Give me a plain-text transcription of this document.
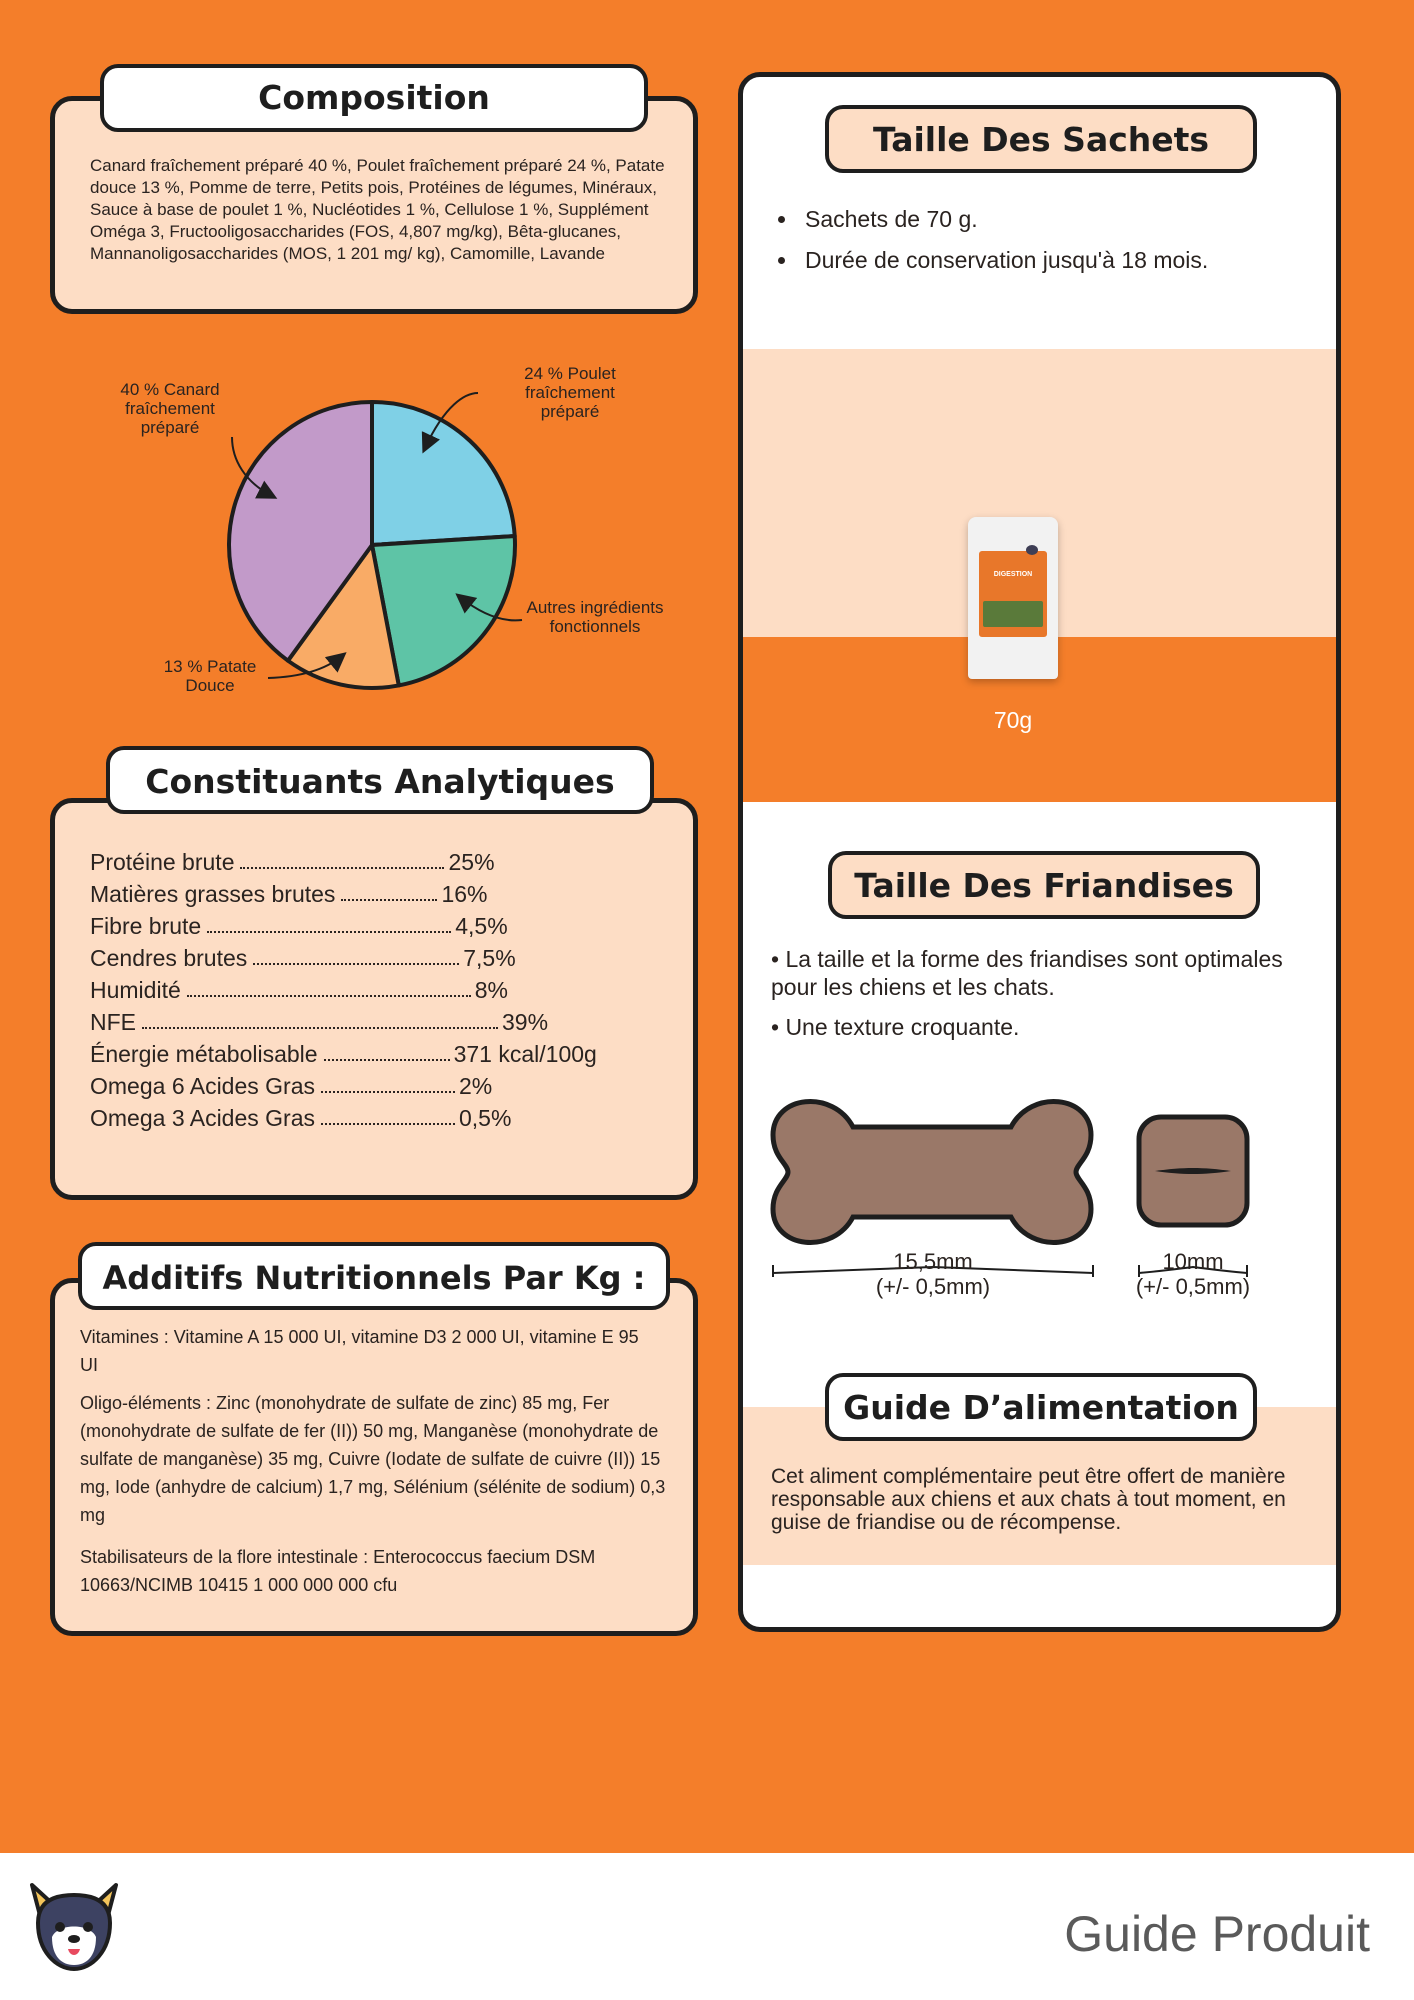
Canard fraîchement préparé 40 %, Poulet fraîchement préparé 24 %, Patate douce 13 %, Pomme de terre, Petits pois, Protéines de légumes, Minéraux, Sauce à base de poulet 1 %, Nucléotides 1 %, Cellulose 1 %, Supplément Oméga 3, Fructooligosaccharides (FOS, 4,807 mg/kg), Bêta-glucanes, Mannanoligosaccharides (MOS, 1 201 mg/ kg), Camomille, Lavande
Composition
40 % Canard fraîchement préparé
24 % Poulet fraîchement préparé
Autres ingrédients fonctionnels
13 % Patate Douce
Protéine brute	25%
Matières grasses brutes	16%
Fibre brute	4,5%
Cendres brutes	7,5%
Humidité	8%
NFE	39%
Énergie métabolisable	371 kcal/100g
Omega 6 Acides Gras	2%
Omega 3 Acides Gras	0,5%
Constituants Analytiques
Vitamines : Vitamine A 15 000 UI, vitamine D3 2 000 UI, vitamine E 95 UI
Oligo-éléments : Zinc (monohydrate de sulfate de zinc) 85 mg, Fer (monohydrate de sulfate de fer (II)) 50 mg, Manganèse (monohydrate de sulfate de manganèse) 35 mg, Cuivre (Iodate de sulfate de cuivre (II)) 15 mg, Iode (anhydre de calcium) 1,7 mg, Sélénium (sélénite de sodium) 0,3 mg
Stabilisateurs de la flore intestinale : Enterococcus faecium DSM 10663/NCIMB 10415 1 000 000 000 cfu
Additifs Nutritionnels Par Kg :
Taille Des Sachets
• Sachets de 70 g.
• Durée de conservation jusqu'à 18 mois.
DIGESTION
70g
Taille Des Friandises
• La taille et la forme des friandises sont optimales pour les chiens et les chats.
• Une texture croquante.
15,5mm
(+/- 0,5mm)
10mm
(+/- 0,5mm)
Guide D’alimentation
Cet aliment complémentaire peut être offert de manière responsable aux chiens et aux chats à tout moment, en guise de friandise ou de récompense.
Guide Produit
